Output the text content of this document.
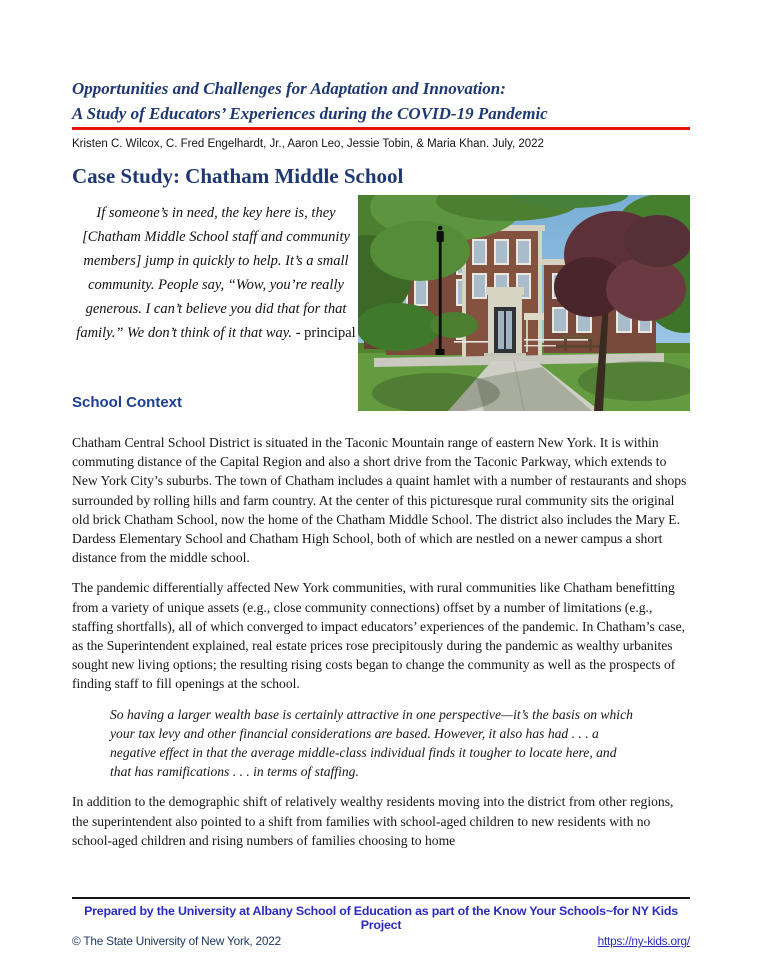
Opportunities and Challenges for Adaptation and Innovation:
A Study of Educators’ Experiences during the COVID-19 Pandemic
Kristen C. Wilcox, C. Fred Engelhardt, Jr., Aaron Leo, Jessie Tobin, & Maria Khan. July, 2022
Case Study: Chatham Middle School
If someone’s in need, the key here is, they [Chatham Middle School staff and community members] jump in quickly to help. It’s a small community. People say, “Wow, you’re really generous. I can’t believe you did that for that family.” We don’t think of it that way. - principal
School Context

Chatham Central School District is situated in the Taconic Mountain range of eastern New York. It is within commuting distance of the Capital Region and also a short drive from the Taconic Parkway, which extends to New York City’s suburbs. The town of Chatham includes a quaint hamlet with a number of restaurants and shops surrounded by rolling hills and farm country. At the center of this picturesque rural community sits the original old brick Chatham School, now the home of the Chatham Middle School. The district also includes the Mary E. Dardess Elementary School and Chatham High School, both of which are nestled on a newer campus a short distance from the middle school.

The pandemic differentially affected New York communities, with rural communities like Chatham benefitting from a variety of unique assets (e.g., close community connections) offset by a number of limitations (e.g., staffing shortfalls), all of which converged to impact educators’ experiences of the pandemic. In Chatham’s case, as the Superintendent explained, real estate prices rose precipitously during the pandemic as wealthy urbanites sought new living options; the resulting rising costs began to change the community as well as the prospects of finding staff to fill openings at the school.

So having a larger wealth base is certainly attractive in one perspective—it’s the basis on which your tax levy and other financial considerations are based. However, it also has had . . . a negative effect in that the average middle-class individual finds it tougher to locate here, and that has ramifications . . . in terms of staffing.

In addition to the demographic shift of relatively wealthy residents moving into the district from other regions, the superintendent also pointed to a shift from families with school-aged children to new residents with no school-aged children and rising numbers of families choosing to home

Prepared by the University at Albany School of Education as part of the Know Your Schools~for NY Kids Project
© The State University of New York, 2022	https://ny-kids.org/
